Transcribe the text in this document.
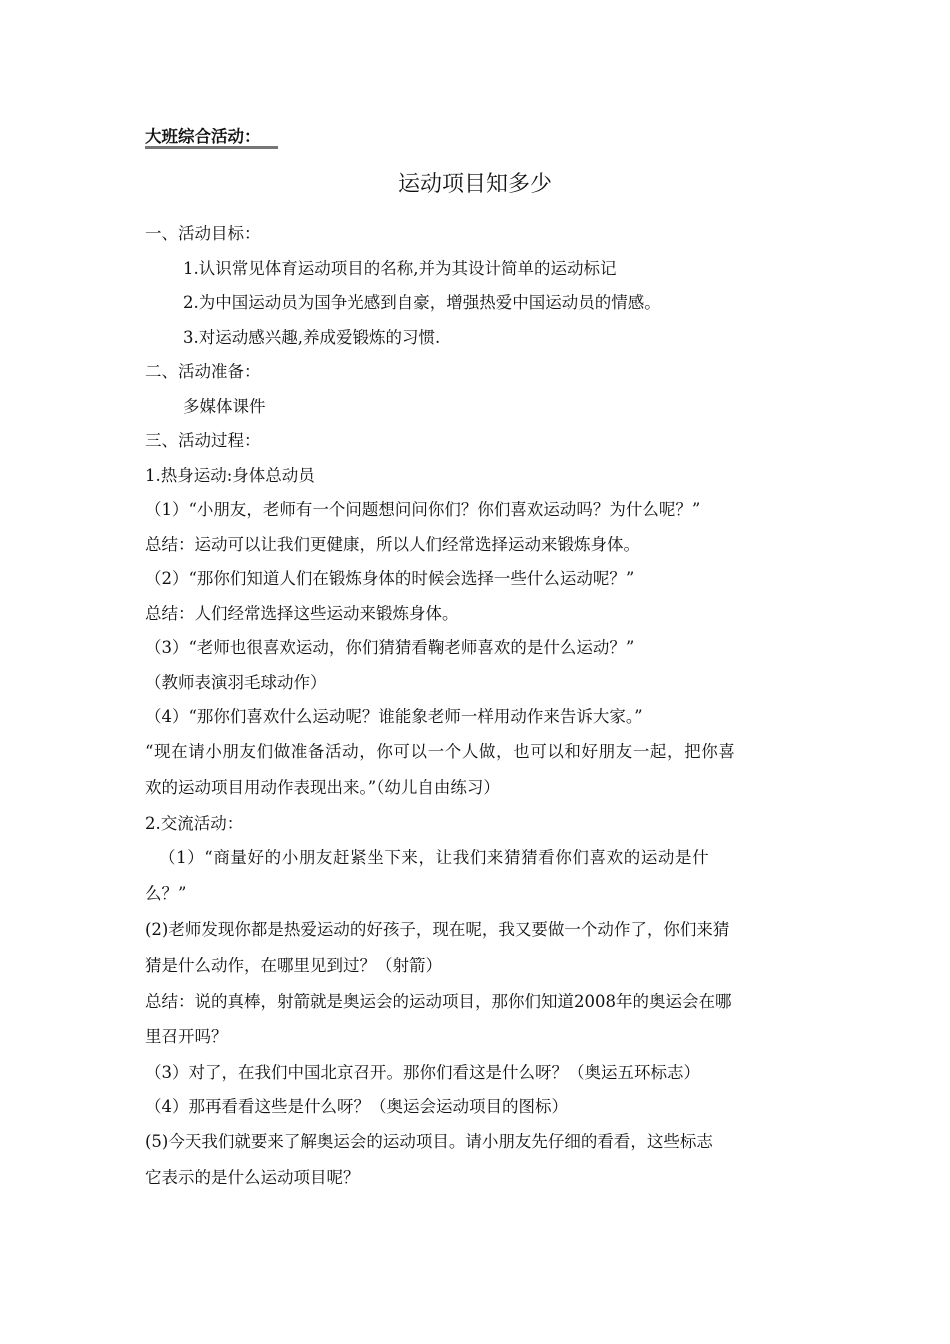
大班综合活动：
运动项目知多少
一、活动目标：
1.认识常见体育运动项目的名称,并为其设计简单的运动标记
2.为中国运动员为国争光感到自豪，增强热爱中国运动员的情感。
3.对运动感兴趣,养成爱锻炼的习惯.
二、活动准备：
多媒体课件
三、活动过程：
1.热身运动:身体总动员
（1）“小朋友，老师有一个问题想问问你们？你们喜欢运动吗？为什么呢？”
总结：运动可以让我们更健康，所以人们经常选择运动来锻炼身体。
（2）“那你们知道人们在锻炼身体的时候会选择一些什么运动呢？”
总结：人们经常选择这些运动来锻炼身体。
（3）“老师也很喜欢运动，你们猜猜看鞠老师喜欢的是什么运动？”
（教师表演羽毛球动作）
（4）“那你们喜欢什么运动呢？谁能象老师一样用动作来告诉大家。”
“现在请小朋友们做准备活动，你可以一个人做，也可以和好朋友一起，把你喜
欢的运动项目用动作表现出来。”（幼儿自由练习）
2.交流活动：
（1）“商量好的小朋友赶紧坐下来，让我们来猜猜看你们喜欢的运动是什
么？”
(2)老师发现你都是热爱运动的好孩子，现在呢，我又要做一个动作了，你们来猜
猜是什么动作，在哪里见到过？（射箭）
总结：说的真棒，射箭就是奥运会的运动项目，那你们知道2008年的奥运会在哪
里召开吗？
（3）对了，在我们中国北京召开。那你们看这是什么呀？（奥运五环标志）
（4）那再看看这些是什么呀？（奥运会运动项目的图标）
(5)今天我们就要来了解奥运会的运动项目。请小朋友先仔细的看看，这些标志
它表示的是什么运动项目呢？
